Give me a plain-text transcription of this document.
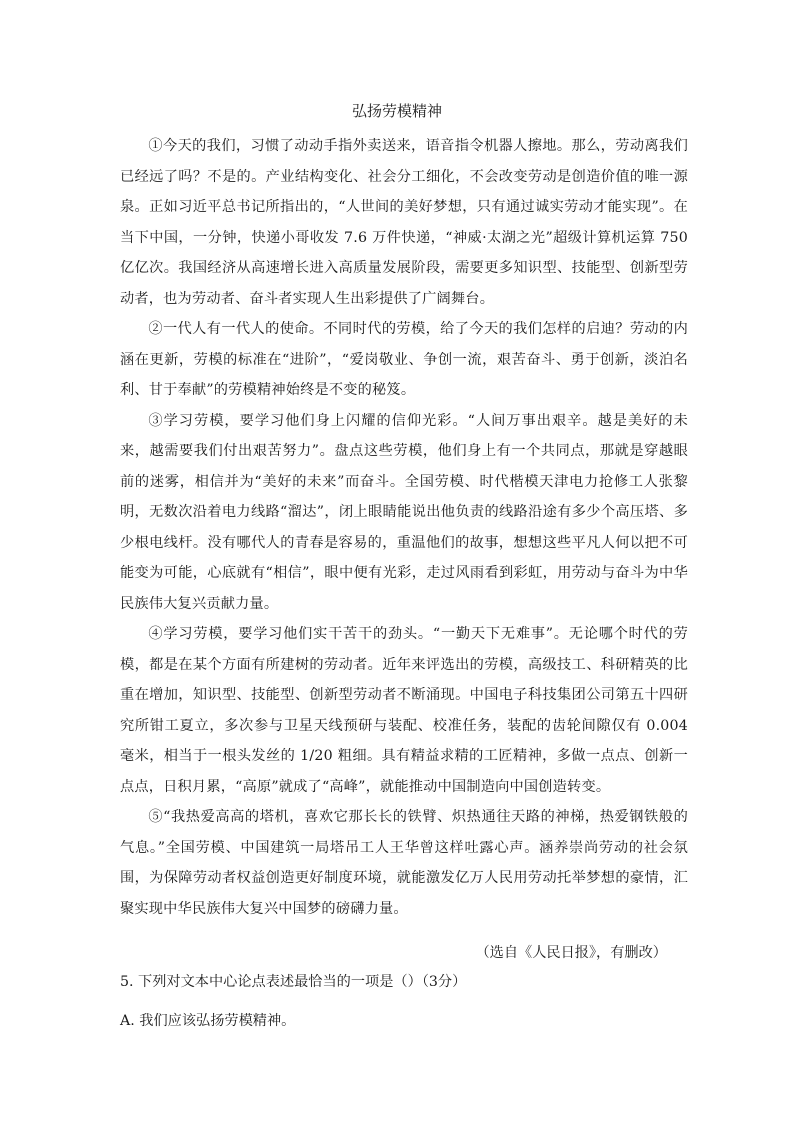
弘扬劳模精神

①今天的我们，习惯了动动手指外卖送来，语音指令机器人擦地。那么，劳动离我们已经远了吗？不是的。产业结构变化、社会分工细化，不会改变劳动是创造价值的唯一源泉。正如习近平总书记所指出的，“人世间的美好梦想，只有通过诚实劳动才能实现”。在当下中国，一分钟，快递小哥收发 7.6 万件快递，“神威·太湖之光”超级计算机运算 750 亿亿次。我国经济从高速增长进入高质量发展阶段，需要更多知识型、技能型、创新型劳动者，也为劳动者、奋斗者实现人生出彩提供了广阔舞台。

②一代人有一代人的使命。不同时代的劳模，给了今天的我们怎样的启迪？劳动的内涵在更新，劳模的标准在“进阶”，“爱岗敬业、争创一流，艰苦奋斗、勇于创新，淡泊名利、甘于奉献”的劳模精神始终是不变的秘笈。

③学习劳模，要学习他们身上闪耀的信仰光彩。“人间万事出艰辛。越是美好的未来，越需要我们付出艰苦努力”。盘点这些劳模，他们身上有一个共同点，那就是穿越眼前的迷雾，相信并为“美好的未来”而奋斗。全国劳模、时代楷模天津电力抢修工人张黎明，无数次沿着电力线路“溜达”，闭上眼睛能说出他负责的线路沿途有多少个高压塔、多少根电线杆。没有哪代人的青春是容易的，重温他们的故事，想想这些平凡人何以把不可能变为可能，心底就有“相信”，眼中便有光彩，走过风雨看到彩虹，用劳动与奋斗为中华民族伟大复兴贡献力量。

④学习劳模，要学习他们实干苦干的劲头。“一勤天下无难事”。无论哪个时代的劳模，都是在某个方面有所建树的劳动者。近年来评选出的劳模，高级技工、科研精英的比重在增加，知识型、技能型、创新型劳动者不断涌现。中国电子科技集团公司第五十四研究所钳工夏立，多次参与卫星天线预研与装配、校准任务，装配的齿轮间隙仅有 0.004 毫米，相当于一根头发丝的 1/20 粗细。具有精益求精的工匠精神，多做一点点、创新一点点，日积月累，“高原”就成了“高峰”，就能推动中国制造向中国创造转变。

⑤“我热爱高高的塔机，喜欢它那长长的铁臂、炽热通往天路的神梯，热爱钢铁般的气息。”全国劳模、中国建筑一局塔吊工人王华曾这样吐露心声。涵养崇尚劳动的社会氛围，为保障劳动者权益创造更好制度环境，就能激发亿万人民用劳动托举梦想的豪情，汇聚实现中华民族伟大复兴中国梦的磅礴力量。

（选自《人民日报》，有删改）
5. 下列对文本中心论点表述最恰当的一项是（）（3分）
A. 我们应该弘扬劳模精神。
